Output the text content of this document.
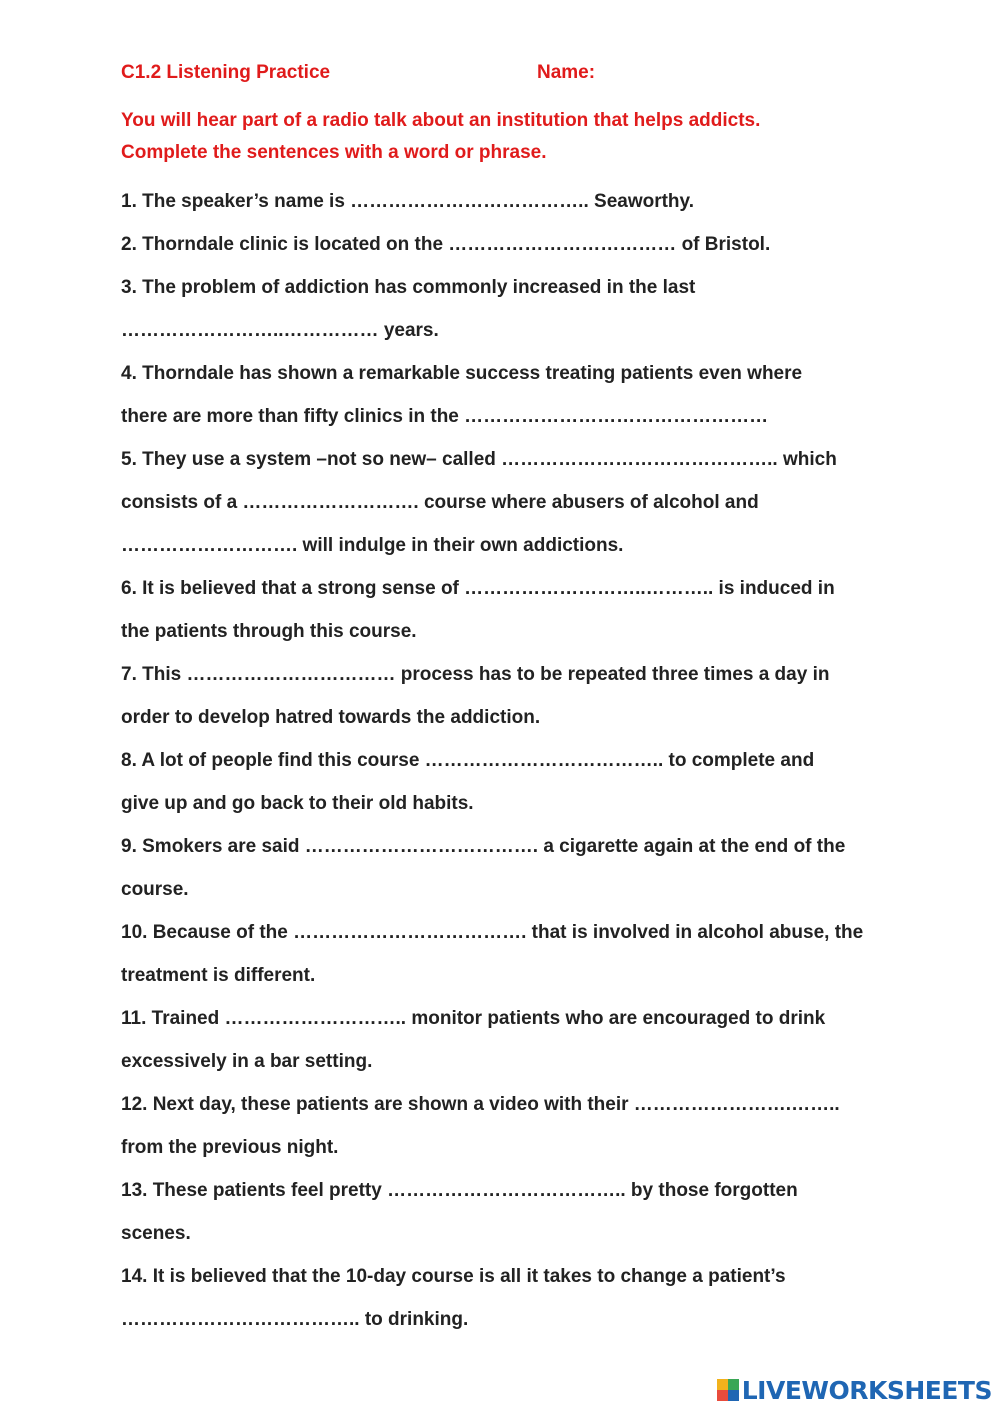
C1.2 Listening Practice	Name:
You will hear part of a radio talk about an institution that helps addicts.
Complete the sentences with a word or phrase.
1. The speaker’s name is ……………………………….. Seaworthy.
2. Thorndale clinic is located on the ……………………………… of Bristol.
3. The problem of addiction has commonly increased in the last
……………………..…………… years.
4. Thorndale has shown a remarkable success treating patients even where
there are more than fifty clinics in the …………………………………………
5. They use a system –not so new– called …………………………………….. which
consists of a ………………………. course where abusers of alcohol and
………………………. will indulge in their own addictions.
6. It is believed that a strong sense of ………………………..……….. is induced in
the patients through this course.
7. This …………………………… process has to be repeated three times a day in
order to develop hatred towards the addiction.
8. A lot of people find this course ……………………………….. to complete and
give up and go back to their old habits.
9. Smokers are said ………………………………. a cigarette again at the end of the
course.
10. Because of the ………………………………. that is involved in alcohol abuse, the
treatment is different.
11. Trained ……………………….. monitor patients who are encouraged to drink
excessively in a bar setting.
12. Next day, these patients are shown a video with their …………………….……..
from the previous night.
13. These patients feel pretty ……………………………….. by those forgotten
scenes.
14. It is believed that the 10-day course is all it takes to change a patient’s
……………………………….. to drinking.
LIVEWORKSHEETS
